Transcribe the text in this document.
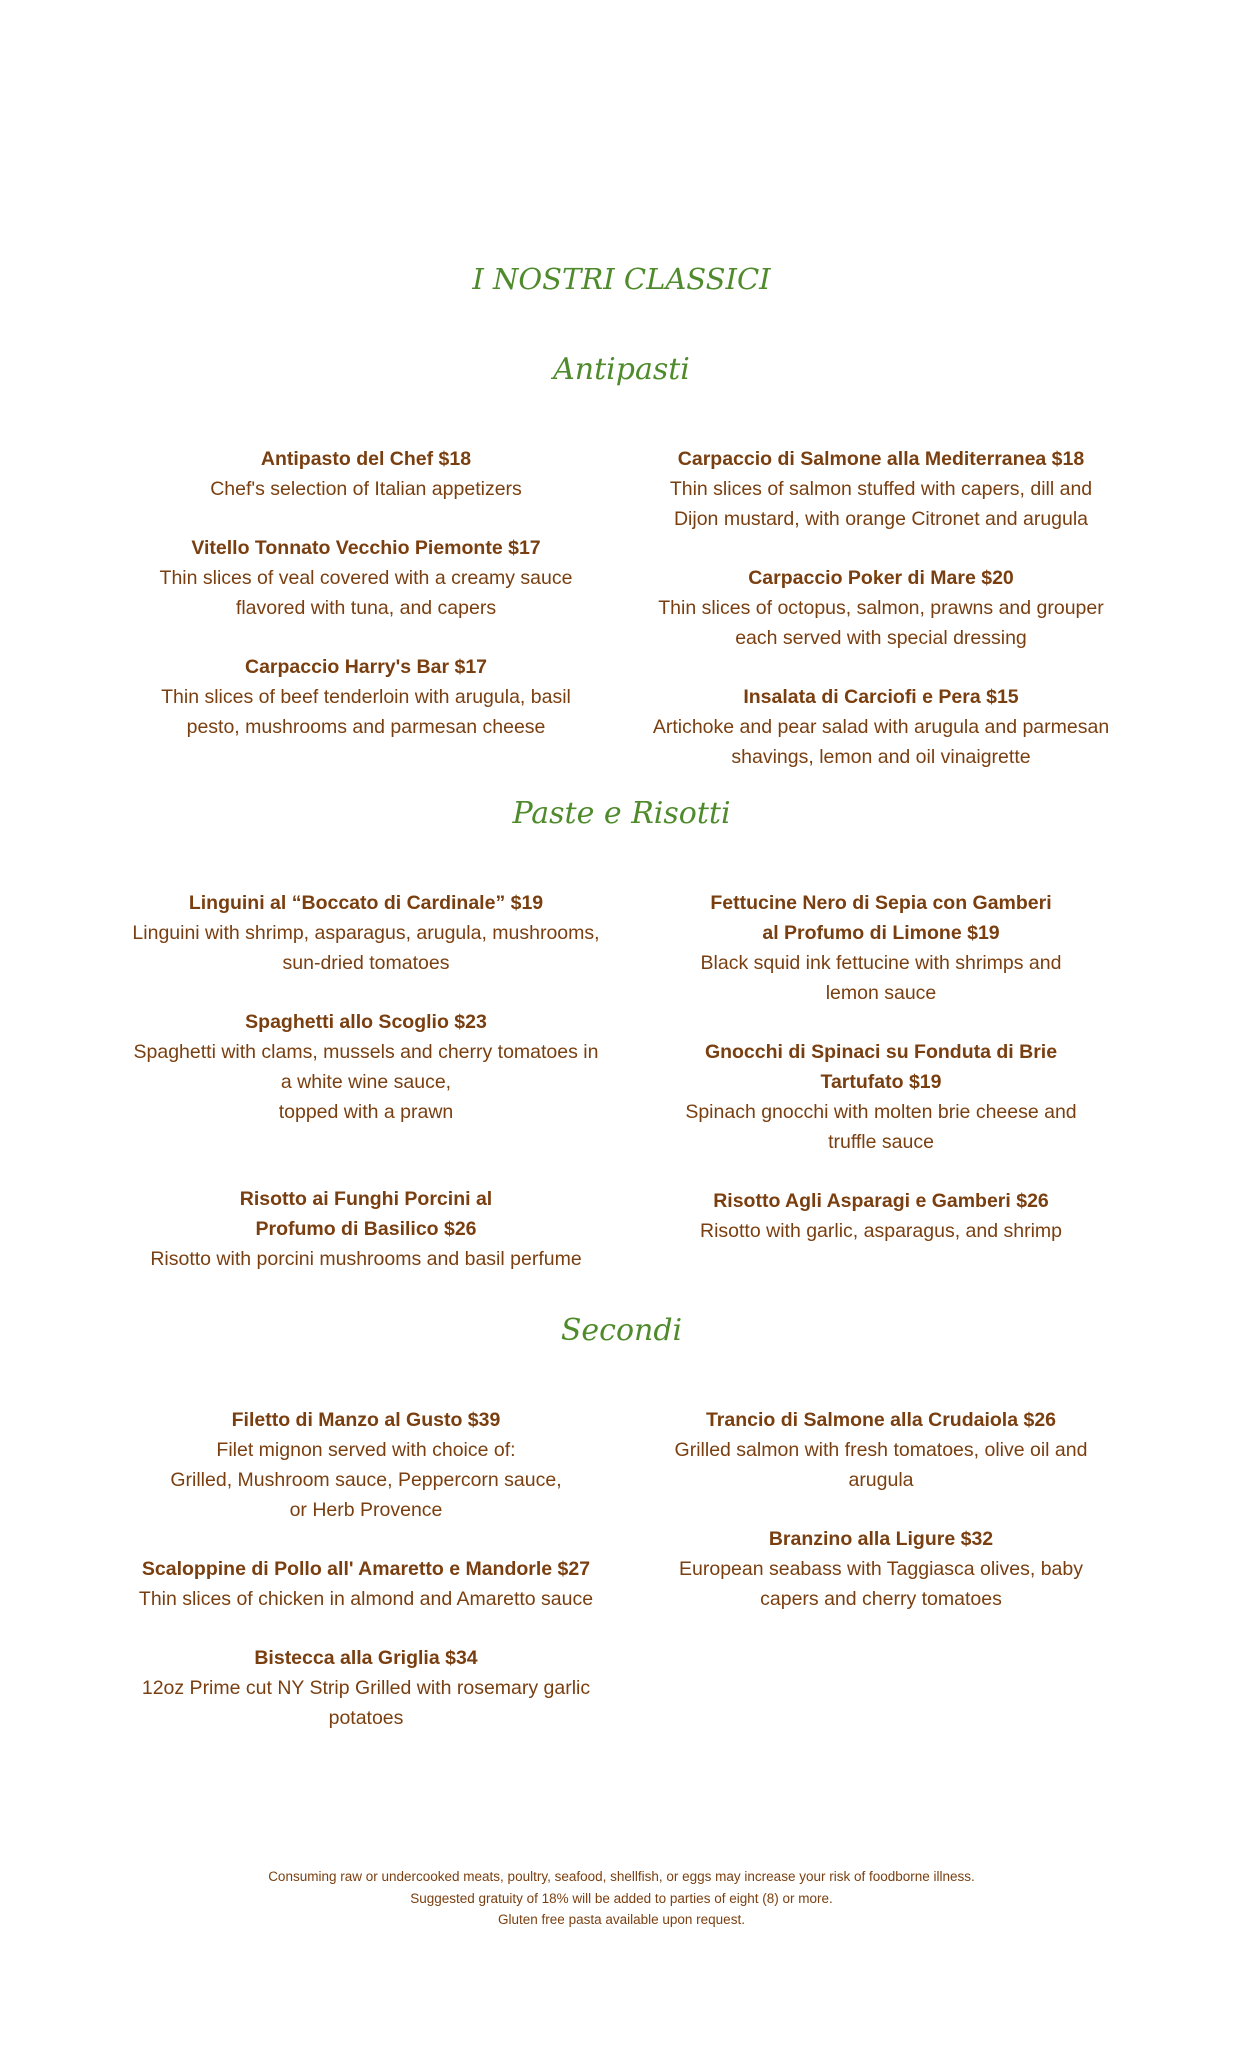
I NOSTRI CLASSICI
Antipasti
Antipasto del Chef $18
Chef's selection of Italian appetizers
Vitello Tonnato Vecchio Piemonte $17
Thin slices of veal covered with a creamy sauce
flavored with tuna, and capers
Carpaccio Harry's Bar $17
Thin slices of beef tenderloin with arugula, basil
pesto, mushrooms and parmesan cheese
Carpaccio di Salmone alla Mediterranea $18
Thin slices of salmon stuffed with capers, dill and
Dijon mustard, with orange Citronet and arugula
Carpaccio Poker di Mare $20
Thin slices of octopus, salmon, prawns and grouper
each served with special dressing
Insalata di Carciofi e Pera $15
Artichoke and pear salad with arugula and parmesan
shavings, lemon and oil vinaigrette
Paste e Risotti
Linguini al “Boccato di Cardinale” $19
Linguini with shrimp, asparagus, arugula, mushrooms,
sun-dried tomatoes
Spaghetti allo Scoglio $23
Spaghetti with clams, mussels and cherry tomatoes in
a white wine sauce,
topped with a prawn
Risotto ai Funghi Porcini al
Profumo di Basilico $26
Risotto with porcini mushrooms and basil perfume
Fettucine Nero di Sepia con Gamberi
al Profumo di Limone $19
Black squid ink fettucine with shrimps and
lemon sauce
Gnocchi di Spinaci su Fonduta di Brie
Tartufato $19
Spinach gnocchi with molten brie cheese and
truffle sauce
Risotto Agli Asparagi e Gamberi $26
Risotto with garlic, asparagus, and shrimp
Secondi
Filetto di Manzo al Gusto $39
Filet mignon served with choice of:
Grilled, Mushroom sauce, Peppercorn sauce,
or Herb Provence
Scaloppine di Pollo all' Amaretto e Mandorle $27
Thin slices of chicken in almond and Amaretto sauce
Bistecca alla Griglia $34
12oz Prime cut NY Strip Grilled with rosemary garlic
potatoes
Trancio di Salmone alla Crudaiola $26
Grilled salmon with fresh tomatoes, olive oil and
arugula
Branzino alla Ligure $32
European seabass with Taggiasca olives, baby
capers and cherry tomatoes
Consuming raw or undercooked meats, poultry, seafood, shellfish, or eggs may increase your risk of foodborne illness.
Suggested gratuity of 18% will be added to parties of eight (8) or more.
Gluten free pasta available upon request.
